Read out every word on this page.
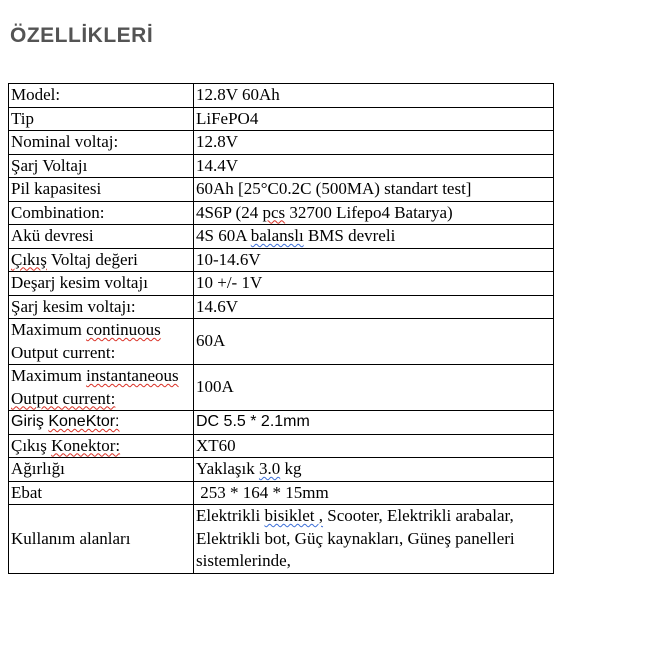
ÖZELLİKLERİ
Model:	12.8V 60Ah
Tip	LiFePO4
Nominal voltaj:	12.8V
Şarj Voltajı	14.4V
Pil kapasitesi	60Ah [25°C0.2C (500MA) standart test]
Combination:	4S6P (24 pcs 32700 Lifepo4 Batarya)
Akü devresi	4S 60A balanslı BMS devreli
Çıkış Voltaj değeri	10-14.6V
Deşarj kesim voltajı	10 +/- 1V
Şarj kesim voltajı:	14.6V
Maximum continuous Output current:	60A
Maximum instantaneous Output current:	100A
Giriş KoneKtor:	DC 5.5 * 2.1mm
Çıkış Konektor:	XT60
Ağırlığı	Yaklaşık 3.0 kg
Ebat	253 * 164 * 15mm
Kullanım alanları	Elektrikli bisiklet , Scooter, Elektrikli arabalar, Elektrikli bot, Güç kaynakları, Güneş panelleri sistemlerinde,
